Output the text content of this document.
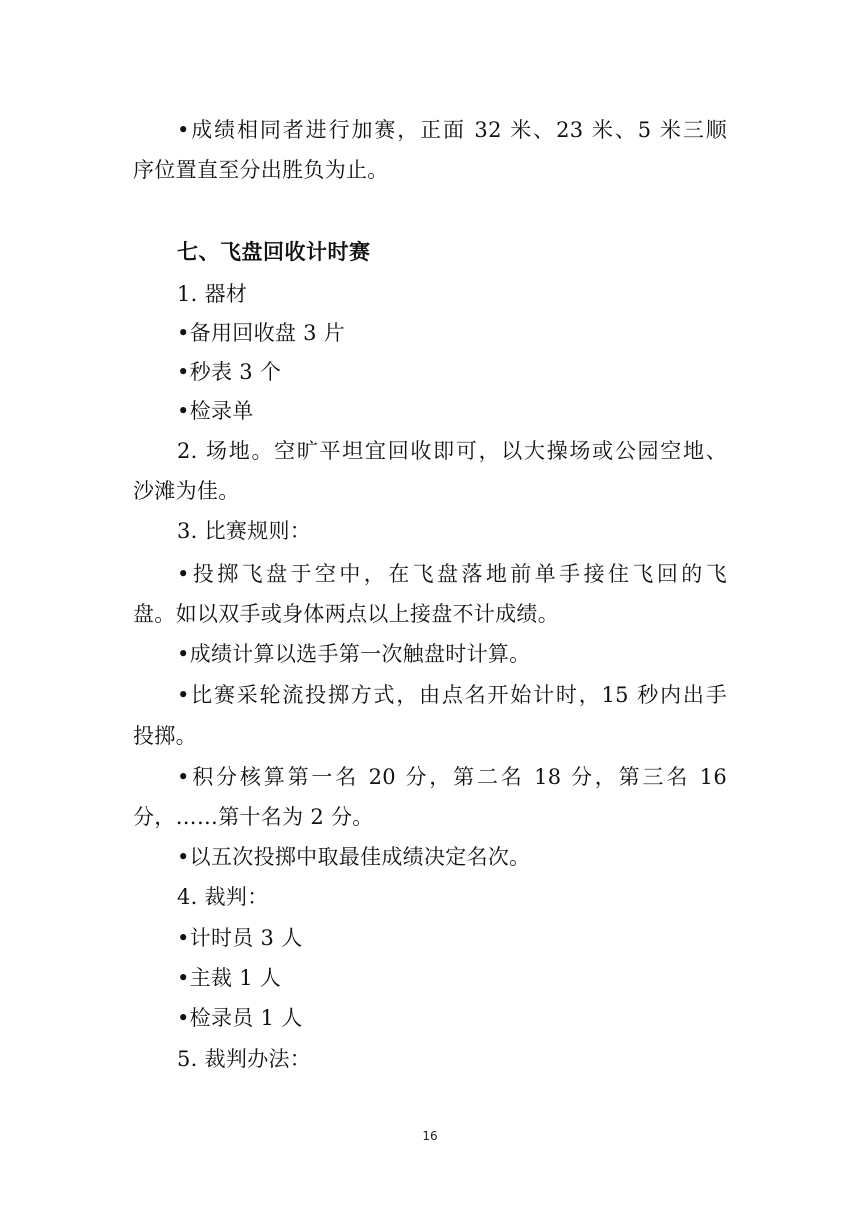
•成绩相同者进行加赛，正面 32 米、23 米、5 米三顺
序位置直至分出胜负为止。
七、飞盘回收计时赛
1. 器材
•备用回收盘 3 片
•秒表 3 个
•检录单
2. 场地。空旷平坦宜回收即可，以大操场或公园空地、
沙滩为佳。
3. 比赛规则：
•投掷飞盘于空中，在飞盘落地前单手接住飞回的飞
盘。如以双手或身体两点以上接盘不计成绩。
•成绩计算以选手第一次触盘时计算。
•比赛采轮流投掷方式，由点名开始计时，15 秒内出手
投掷。
•积分核算第一名 20 分，第二名 18 分，第三名 16
分，……第十名为 2 分。
•以五次投掷中取最佳成绩决定名次。
4. 裁判：
•计时员 3 人
•主裁 1 人
•检录员 1 人
5. 裁判办法：
16
